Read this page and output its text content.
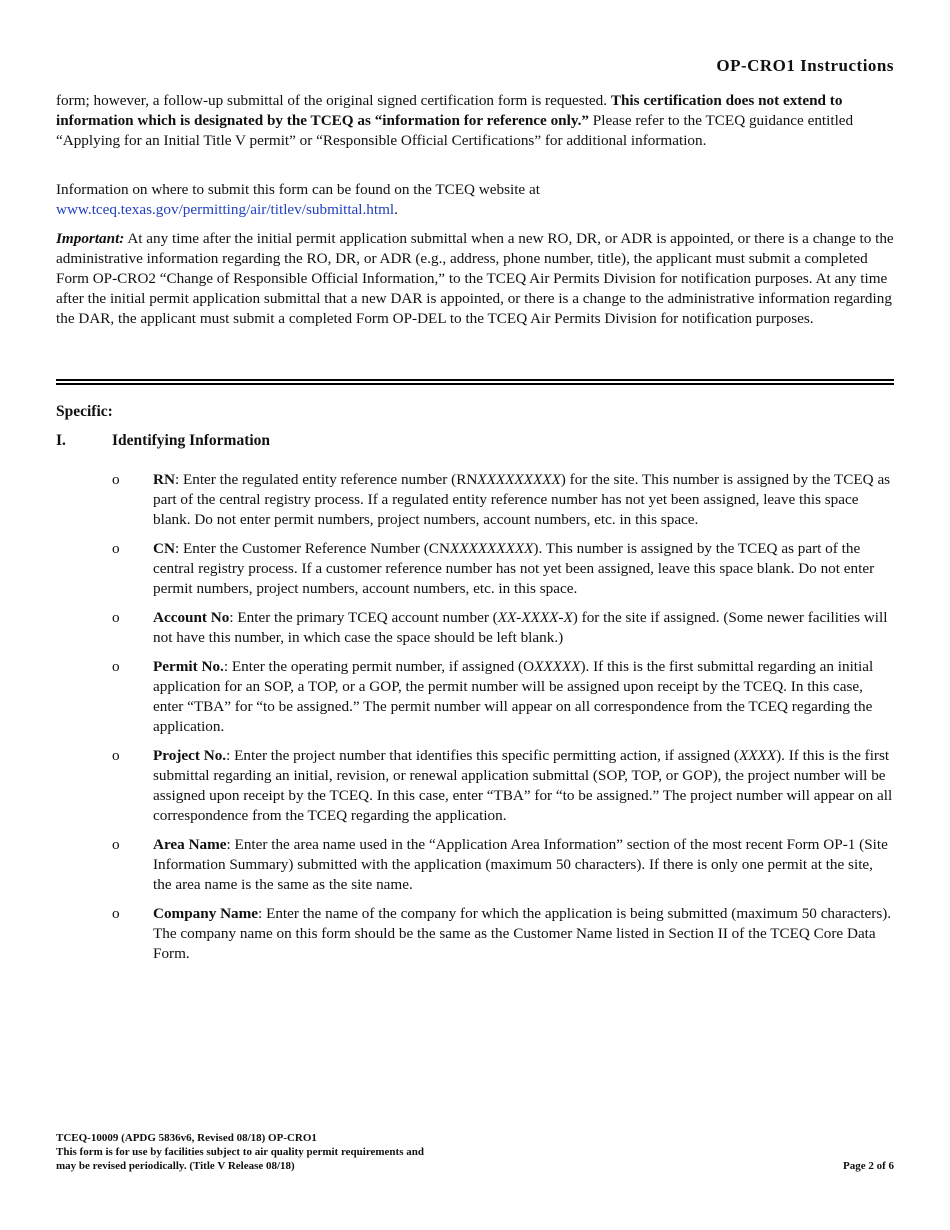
OP-CRO1 Instructions

form; however, a follow-up submittal of the original signed certification form is requested. This certification does not extend to information which is designated by the TCEQ as “information for reference only.” Please refer to the TCEQ guidance entitled “Applying for an Initial Title V permit” or “Responsible Official Certifications” for additional information.

Information on where to submit this form can be found on the TCEQ website at
www.tceq.texas.gov/permitting/air/titlev/submittal.html.

Important: At any time after the initial permit application submittal when a new RO, DR, or ADR is appointed, or there is a change to the administrative information regarding the RO, DR, or ADR (e.g., address, phone number, title), the applicant must submit a completed Form OP-CRO2 “Change of Responsible Official Information,” to the TCEQ Air Permits Division for notification purposes. At any time after the initial permit application submittal that a new DAR is appointed, or there is a change to the administrative information regarding the DAR, the applicant must submit a completed Form OP-DEL to the TCEQ Air Permits Division for notification purposes.

Specific:
I.	Identifying Information
o RN: Enter the regulated entity reference number (RNXXXXXXXXX) for the site. This number is assigned by the TCEQ as part of the central registry process. If a regulated entity reference number has not yet been assigned, leave this space blank. Do not enter permit numbers, project numbers, account numbers, etc. in this space.
o CN: Enter the Customer Reference Number (CNXXXXXXXXX). This number is assigned by the TCEQ as part of the central registry process. If a customer reference number has not yet been assigned, leave this space blank. Do not enter permit numbers, project numbers, account numbers, etc. in this space.
o Account No: Enter the primary TCEQ account number (XX-XXXX-X) for the site if assigned. (Some newer facilities will not have this number, in which case the space should be left blank.)
o Permit No.: Enter the operating permit number, if assigned (OXXXXX). If this is the first submittal regarding an initial application for an SOP, a TOP, or a GOP, the permit number will be assigned upon receipt by the TCEQ. In this case, enter “TBA” for “to be assigned.” The permit number will appear on all correspondence from the TCEQ regarding the application.
o Project No.: Enter the project number that identifies this specific permitting action, if assigned (XXXX). If this is the first submittal regarding an initial, revision, or renewal application submittal (SOP, TOP, or GOP), the project number will be assigned upon receipt by the TCEQ. In this case, enter “TBA” for “to be assigned.” The project number will appear on all correspondence from the TCEQ regarding the application.
o Area Name: Enter the area name used in the “Application Area Information” section of the most recent Form OP-1 (Site Information Summary) submitted with the application (maximum 50 characters). If there is only one permit at the site, the area name is the same as the site name.
o Company Name: Enter the name of the company for which the application is being submitted (maximum 50 characters). The company name on this form should be the same as the Customer Name listed in Section II of the TCEQ Core Data Form.
TCEQ-10009 (APDG 5836v6, Revised 08/18) OP-CRO1
This form is for use by facilities subject to air quality permit requirements and
may be revised periodically. (Title V Release 08/18)	Page 2 of 6
